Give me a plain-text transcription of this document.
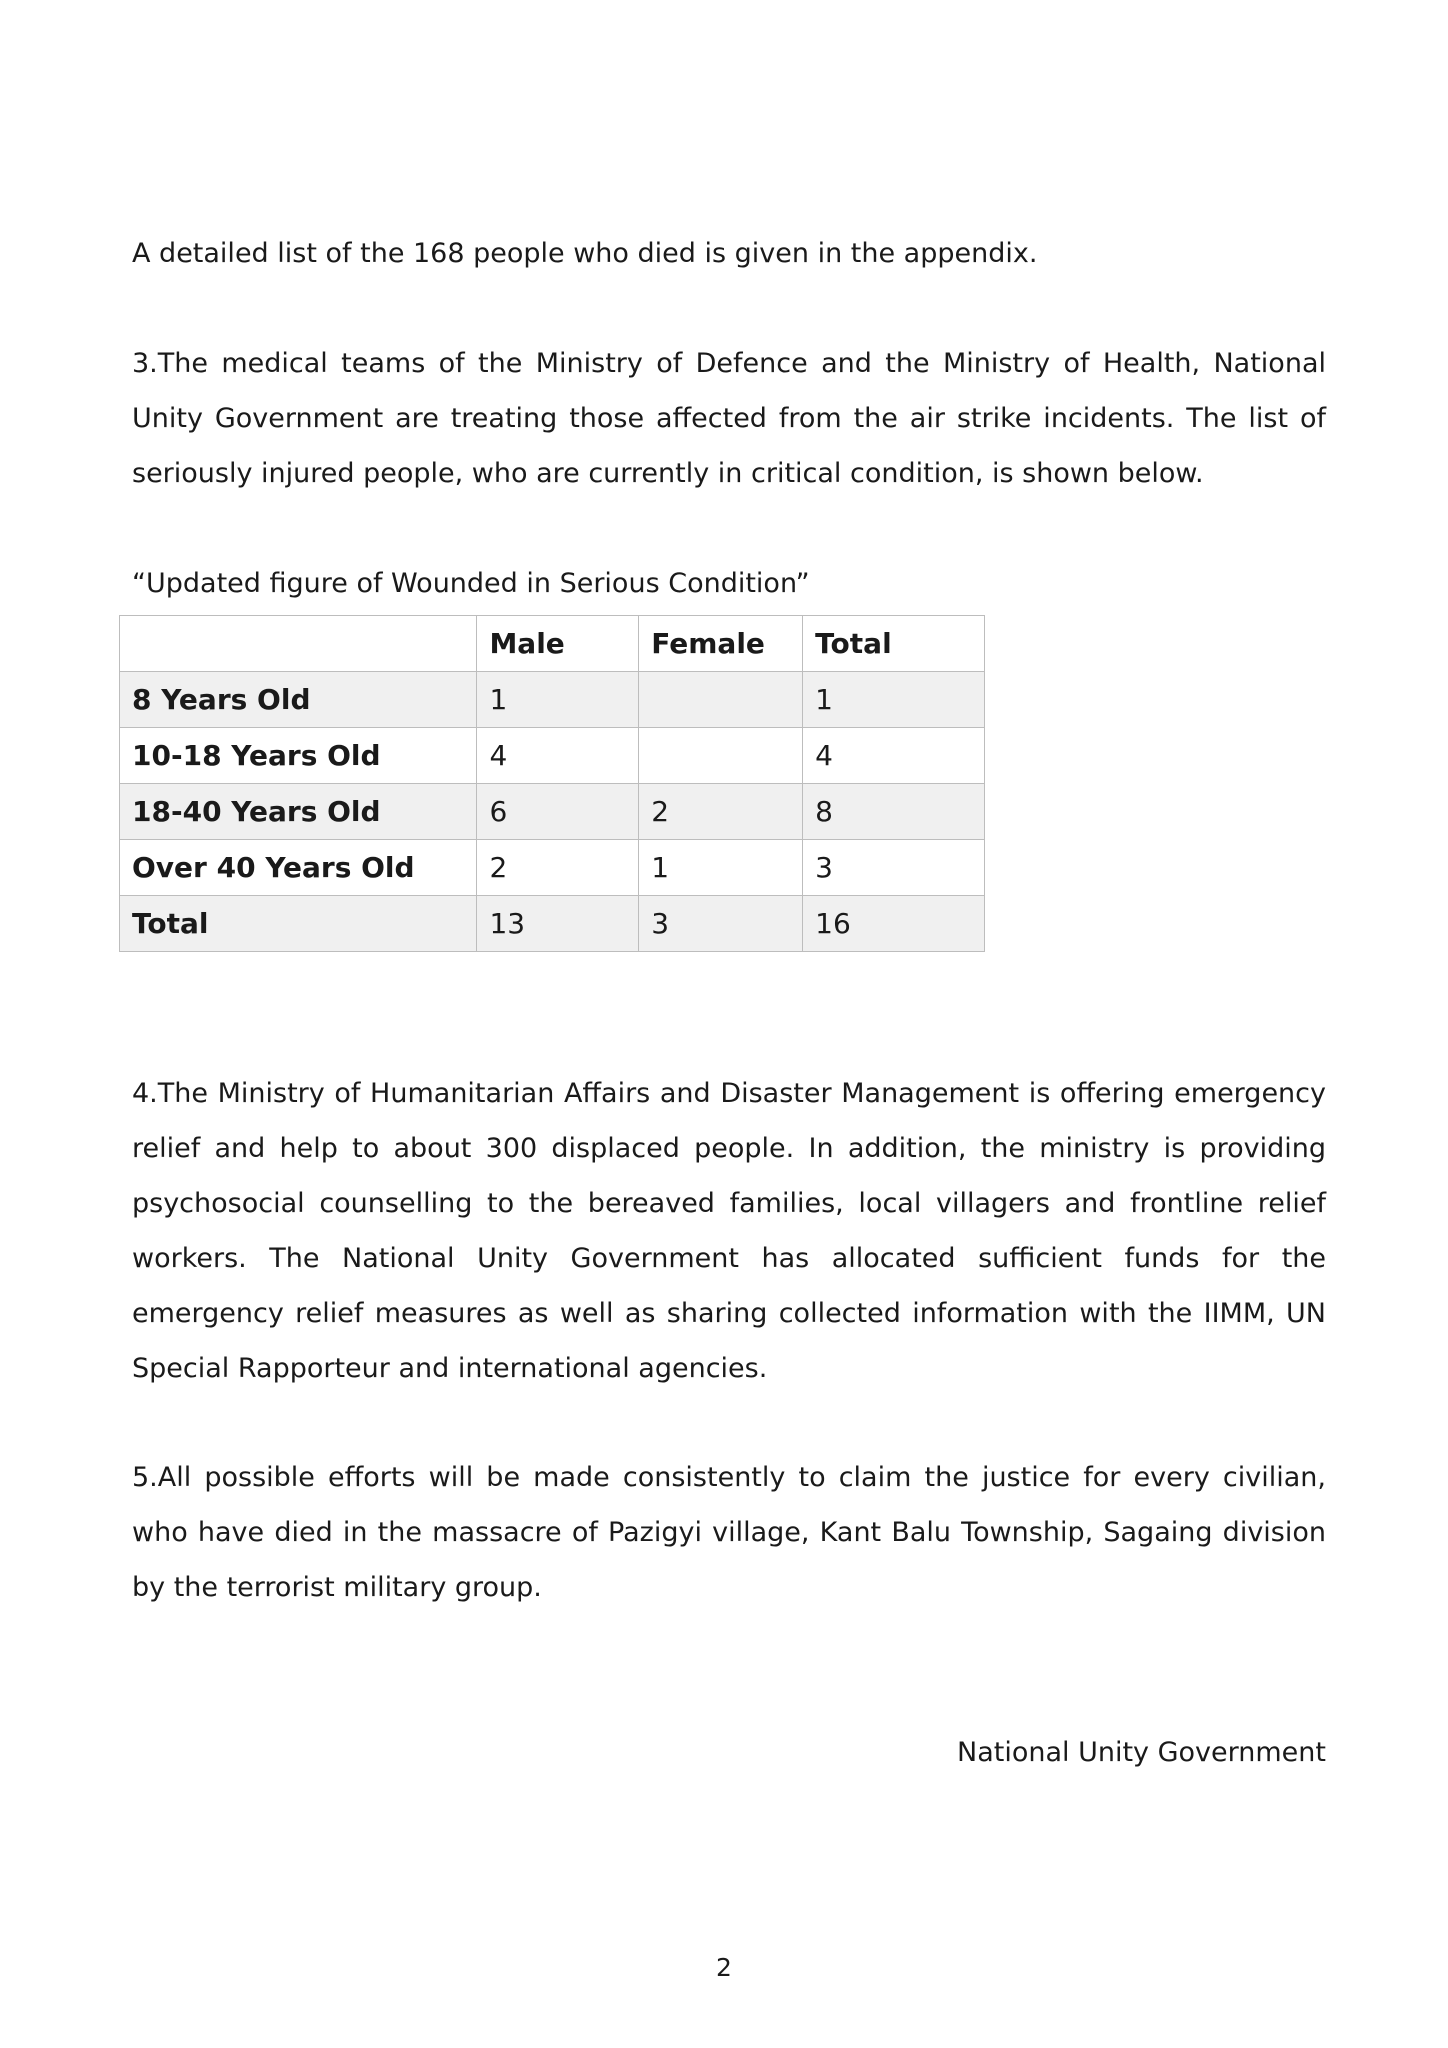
A detailed list of the 168 people who died is given in the appendix.

3.The medical teams of the Ministry of Defence and the Ministry of Health, National Unity Government are treating those affected from the air strike incidents. The list of seriously injured people, who are currently in critical condition, is shown below.

“Updated figure of Wounded in Serious Condition”

	Male	Female	Total
8 Years Old	1		1
10-18 Years Old	4		4
18-40 Years Old	6	2	8
Over 40 Years Old	2	1	3
Total	13	3	16

4.The Ministry of Humanitarian Affairs and Disaster Management is offering emergency relief and help to about 300 displaced people. In addition, the ministry is providing psychosocial counselling to the bereaved families, local villagers and frontline relief workers. The National Unity Government has allocated sufficient funds for the emergency relief measures as well as sharing collected information with the IIMM, UN Special Rapporteur and international agencies.

5.All possible efforts will be made consistently to claim the justice for every civilian, who have died in the massacre of Pazigyi village, Kant Balu Township, Sagaing division by the terrorist military group.

National Unity Government
2
